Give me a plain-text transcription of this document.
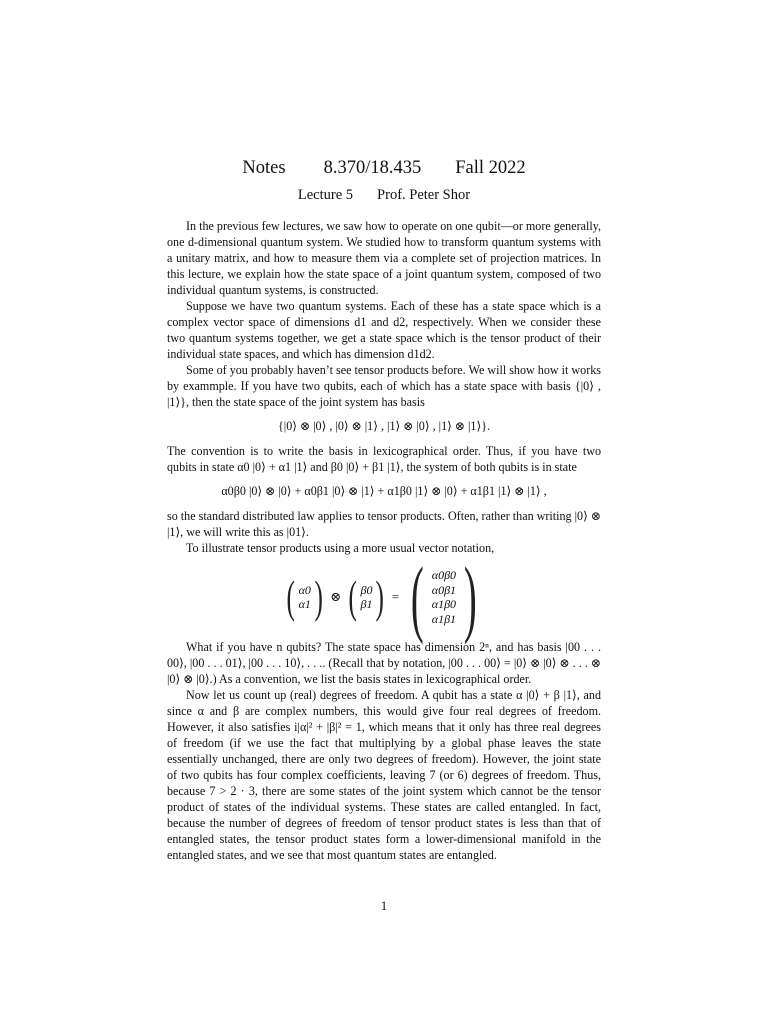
Notes 8.370/18.435 Fall 2022
Lecture 5 Prof. Peter Shor

In the previous few lectures, we saw how to operate on one qubit—or more generally, one d-dimensional quantum system. We studied how to transform quantum systems with a unitary matrix, and how to measure them via a complete set of projection matrices. In this lecture, we explain how the state space of a joint quantum system, composed of two individual quantum systems, is constructed.

Suppose we have two quantum systems. Each of these has a state space which is a complex vector space of dimensions d1 and d2, respectively. When we consider these two quantum systems together, we get a state space which is the tensor product of their individual state spaces, and which has dimension d1d2.

Some of you probably haven’t see tensor products before. We will show how it works by exammple. If you have two qubits, each of which has a state space with basis {|0⟩ , |1⟩}, then the state space of the joint system has basis

{|0⟩ ⊗ |0⟩ , |0⟩ ⊗ |1⟩ , |1⟩ ⊗ |0⟩ , |1⟩ ⊗ |1⟩}.

The convention is to write the basis in lexicographical order. Thus, if you have two qubits in state α0 |0⟩ + α1 |1⟩ and β0 |0⟩ + β1 |1⟩, the system of both qubits is in state

α0β0 |0⟩ ⊗ |0⟩ + α0β1 |0⟩ ⊗ |1⟩ + α1β0 |1⟩ ⊗ |0⟩ + α1β1 |1⟩ ⊗ |1⟩ ,

so the standard distributed law applies to tensor products. Often, rather than writing |0⟩ ⊗ |1⟩, we will write this as |01⟩.

To illustrate tensor products using a more usual vector notation,

( α0
α1 ) ⊗ ( β0
β1 ) = ( α0β0
α0β1
α1β0
α1β1 )

What if you have n qubits? The state space has dimension 2ⁿ, and has basis |00 . . . 00⟩, |00 . . . 01⟩, |00 . . . 10⟩, . . .. (Recall that by notation, |00 . . . 00⟩ = |0⟩ ⊗ |0⟩ ⊗ . . . ⊗ |0⟩ ⊗ |0⟩.) As a convention, we list the basis states in lexicographical order.

Now let us count up (real) degrees of freedom. A qubit has a state α |0⟩ + β |1⟩, and since α and β are complex numbers, this would give four real degrees of freedom. However, it also satisfies i|α|² + |β|² = 1, which means that it only has three real degrees of freedom (if we use the fact that multiplying by a global phase leaves the state essentially unchanged, there are only two degrees of freedom). However, the joint state of two qubits has four complex coefficients, leaving 7 (or 6) degrees of freedom. Thus, because 7 > 2 · 3, there are some states of the joint system which cannot be the tensor product of states of the individual systems. These states are called entangled. In fact, because the number of degrees of freedom of tensor product states is less than that of entangled states, the tensor product states form a lower-dimensional manifold in the entangled states, and we see that most quantum states are entangled.

1
